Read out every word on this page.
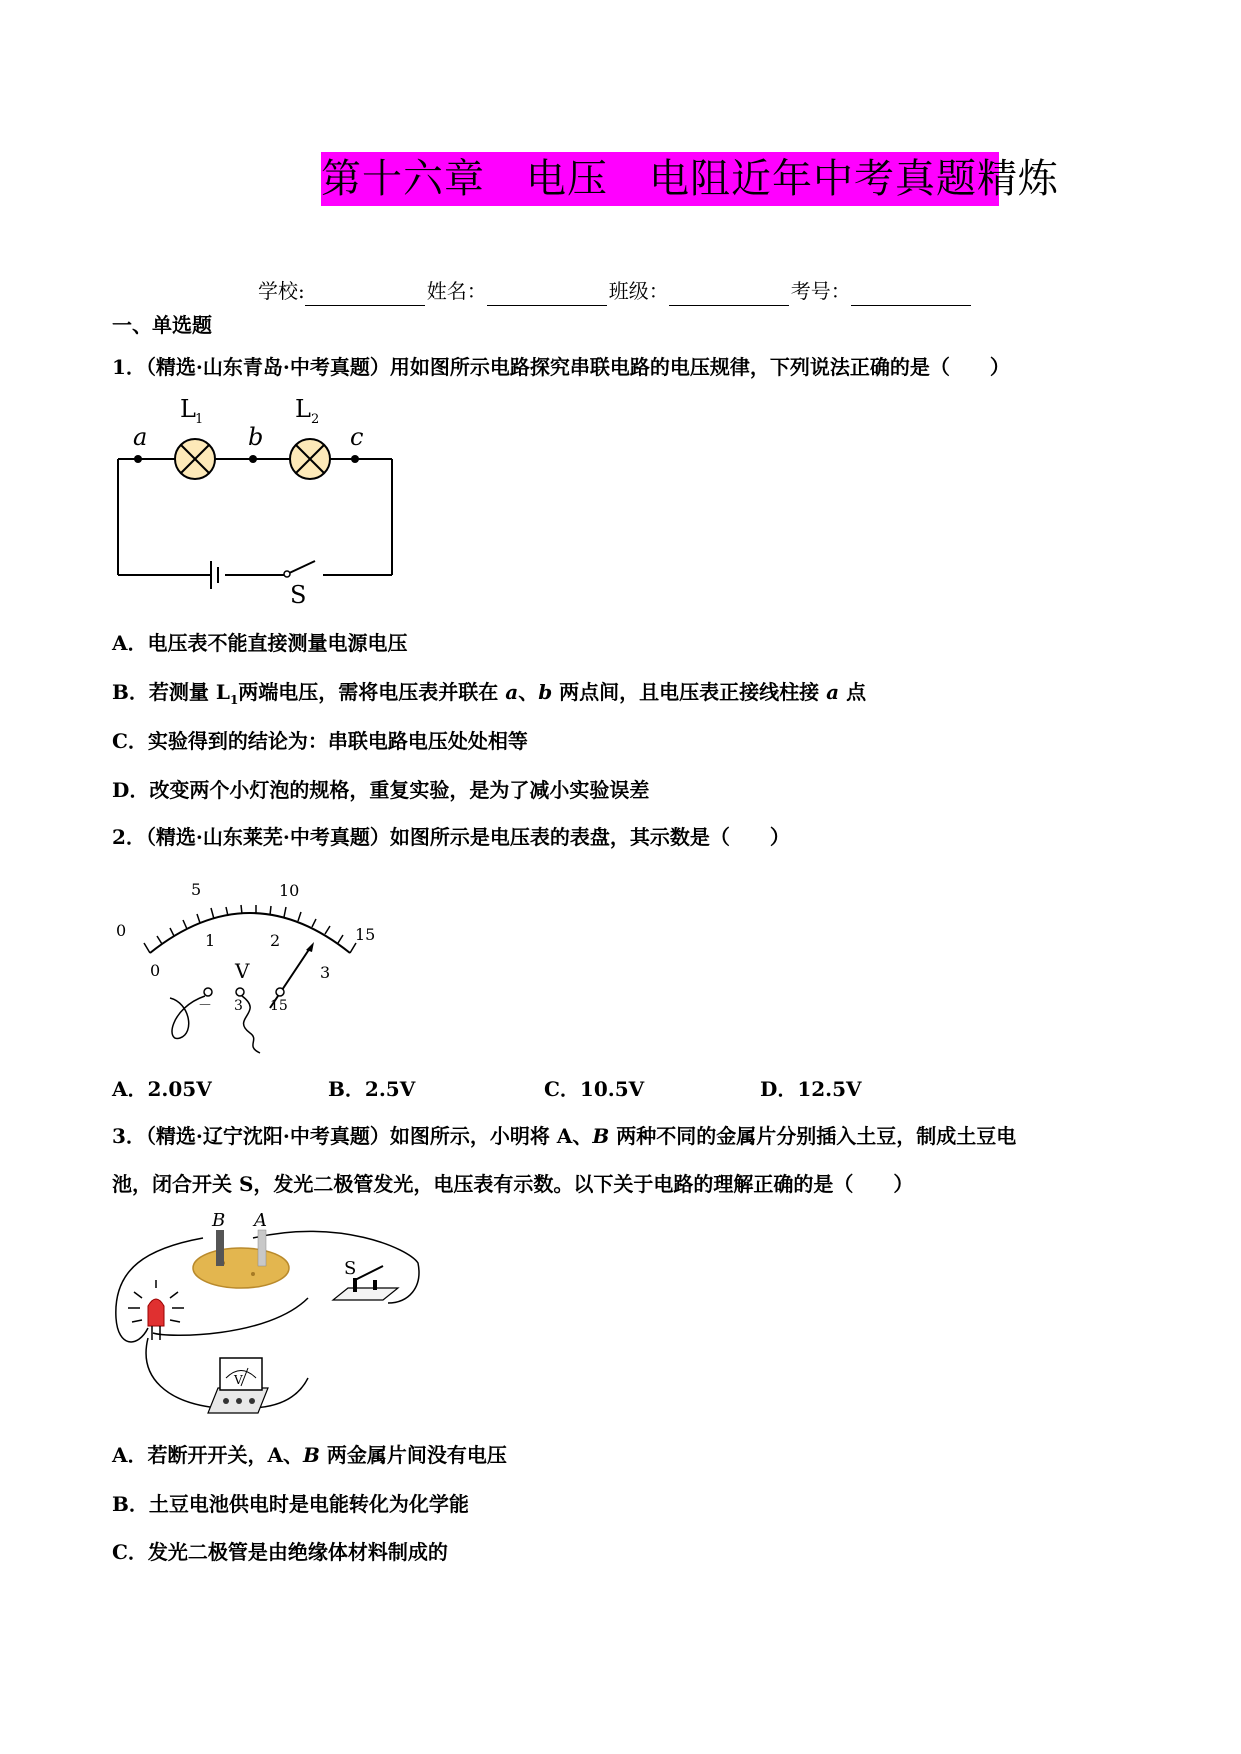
第十六章　电压　电阻近年中考真题精炼
学校:	姓名：	班级：	考号：
一、单选题
1．（精选·山东青岛·中考真题）用如图所示电路探究串联电路的电压规律，下列说法正确的是（　　）
a	b	c
L 1	L 2
S
A．电压表不能直接测量电源电压
B．若测量 $L_1$两端电压，需将电压表并联在 a、b 两点间，且电压表正接线柱接 a 点
C．实验得到的结论为：串联电路电压处处相等
D．改变两个小灯泡的规格，重复实验，是为了减小实验误差
2．（精选·山东莱芜·中考真题）如图所示是电压表的表盘，其示数是（　　）
0
5	10
15
0
1	2
3
V
－ 3 15
A．2.05V	B．2.5V	C．10.5V	D．12.5V
3．（精选·辽宁沈阳·中考真题）如图所示，小明将 A、B 两种不同的金属片分别插入土豆，制成土豆电
池，闭合开关 S，发光二极管发光，电压表有示数。以下关于电路的理解正确的是（　　）
B A
S
V
A．若断开开关，A、B 两金属片间没有电压
B．土豆电池供电时是电能转化为化学能
C．发光二极管是由绝缘体材料制成的
